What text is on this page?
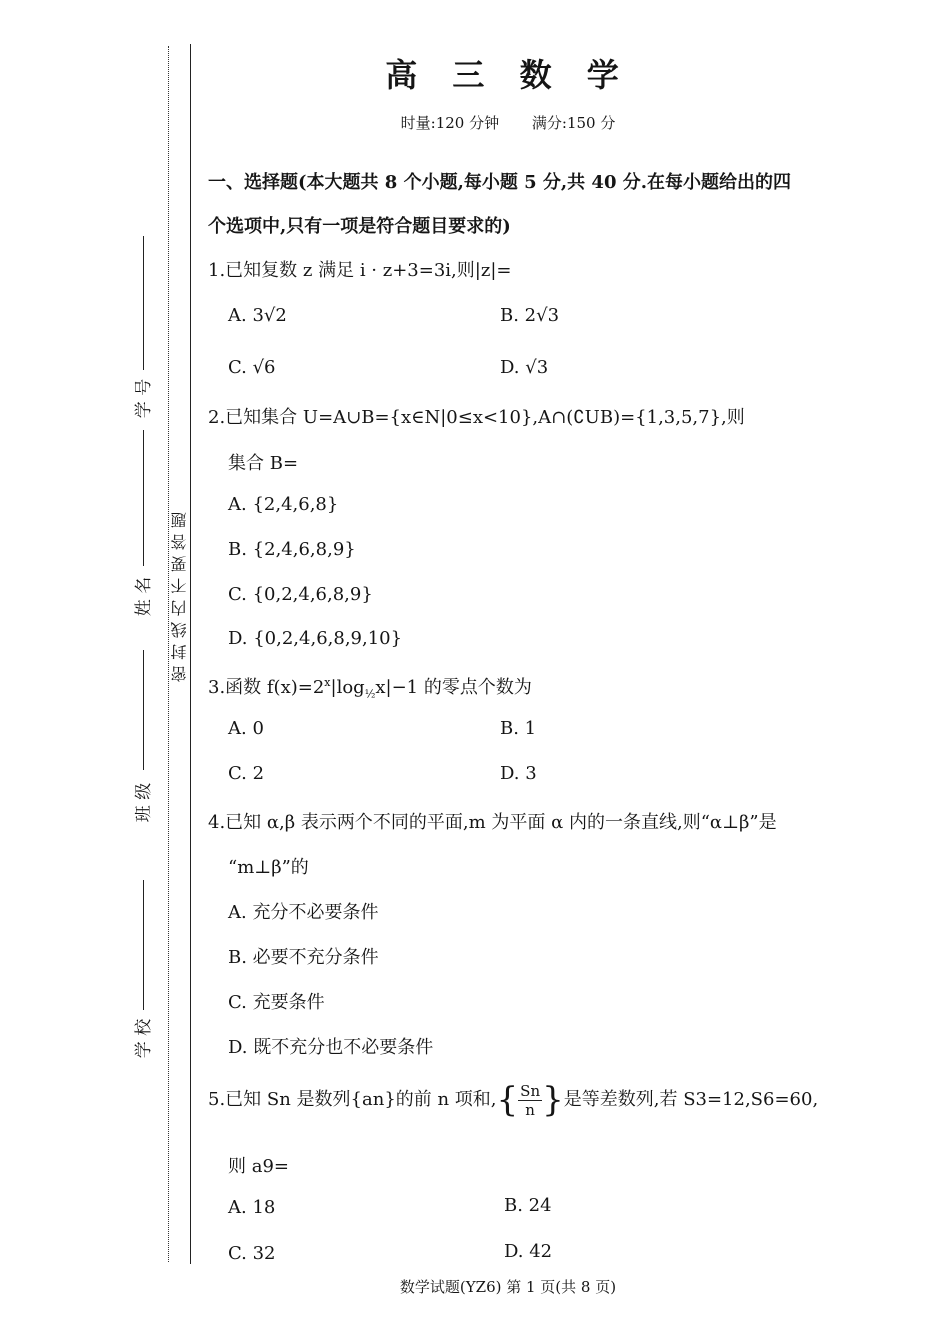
密封线内不要答题
学 校
班 级
姓 名
学 号
高 三 数 学
时量:120 分钟 满分:150 分
一、选择题(本大题共 8 个小题,每小题 5 分,共 40 分.在每小题给出的四
个选项中,只有一项是符合题目要求的)
1.已知复数 z 满足 i · z+3=3i,则|z|=
A. 3√2	B. 2√3
C. √6	D. √3
2.已知集合 U=A∪B={x∈N|0≤x<10},A∩(∁UB)={1,3,5,7},则
集合 B=
A. {2,4,6,8}
B. {2,4,6,8,9}
C. {0,2,4,6,8,9}
D. {0,2,4,6,8,9,10}
3.函数 $f(x)=2^x|\log_{\frac{1}{2}}x|-1$ 的零点个数为
A. 0	B. 1
C. 2	D. 3
4.已知 α,β 表示两个不同的平面,m 为平面 α 内的一条直线,则“α⊥β”是
“m⊥β”的
A. 充分不必要条件
B. 必要不充分条件
C. 充要条件
D. 既不充分也不必要条件
5.已知 Sn 是数列{an}的前 n 项和,{ $\frac{Sn}{n}$ }是等差数列,若 S3=12,S6=60,
则 a9=
A. 18	B. 24
C. 32	D. 42
数学试题(YZ6) 第 1 页(共 8 页)
